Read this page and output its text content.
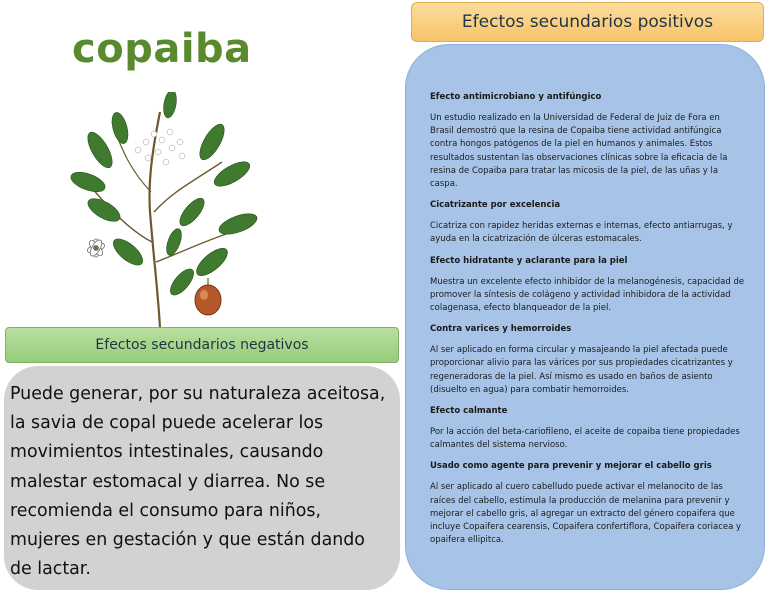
copaiba
Efectos secundarios negativos
Puede generar, por su naturaleza aceitosa, la savia de copal puede acelerar los movimientos intestinales, causando malestar estomacal y diarrea. No se recomienda el consumo para niños, mujeres en gestación y que están dando de lactar.
Efectos secundarios positivos
Efecto antimicrobiano y antifúngico
Un estudio realizado en la Universidad de Federal de Juiz de Fora en Brasil demostró que la resina de Copaiba tiene actividad antifúngica contra hongos patógenos de la piel en humanos y animales. Estos resultados sustentan las observaciones clínicas sobre la eficacia de la resina de Copaiba para tratar las micosis de la piel, de las uñas y la caspa.
Cicatrizante por excelencia
Cicatriza con rapidez heridas externas e internas, efecto antiarrugas, y ayuda en la cicatrización de úlceras estomacales.
Efecto hidratante y aclarante para la piel
Muestra un excelente efecto inhibidor de la melanogénesis, capacidad de promover la síntesis de colágeno y actividad inhibidora de la actividad colagenasa, efecto blanqueador de la piel.
Contra varices y hemorroides
Al ser aplicado en forma circular y masajeando la piel afectada puede proporcionar alivio para las várices por sus propiedades cicatrizantes y regeneradoras de la piel. Así mismo es usado en baños de asiento (disuelto en agua) para combatir hemorroides.
Efecto calmante
Por la acción del beta-cariofileno, el aceite de copaiba tiene propiedades calmantes del sistema nervioso.
Usado como agente para prevenir y mejorar el cabello gris
Al ser aplicado al cuero cabelludo puede activar el melanocito de las raíces del cabello, estimula la producción de melanina para prevenir y mejorar el cabello gris, al agregar un extracto del género copaifera que incluye Copaifera cearensis, Copaifera confertiflora, Copaifera coriacea y opaifera ellipitca.
